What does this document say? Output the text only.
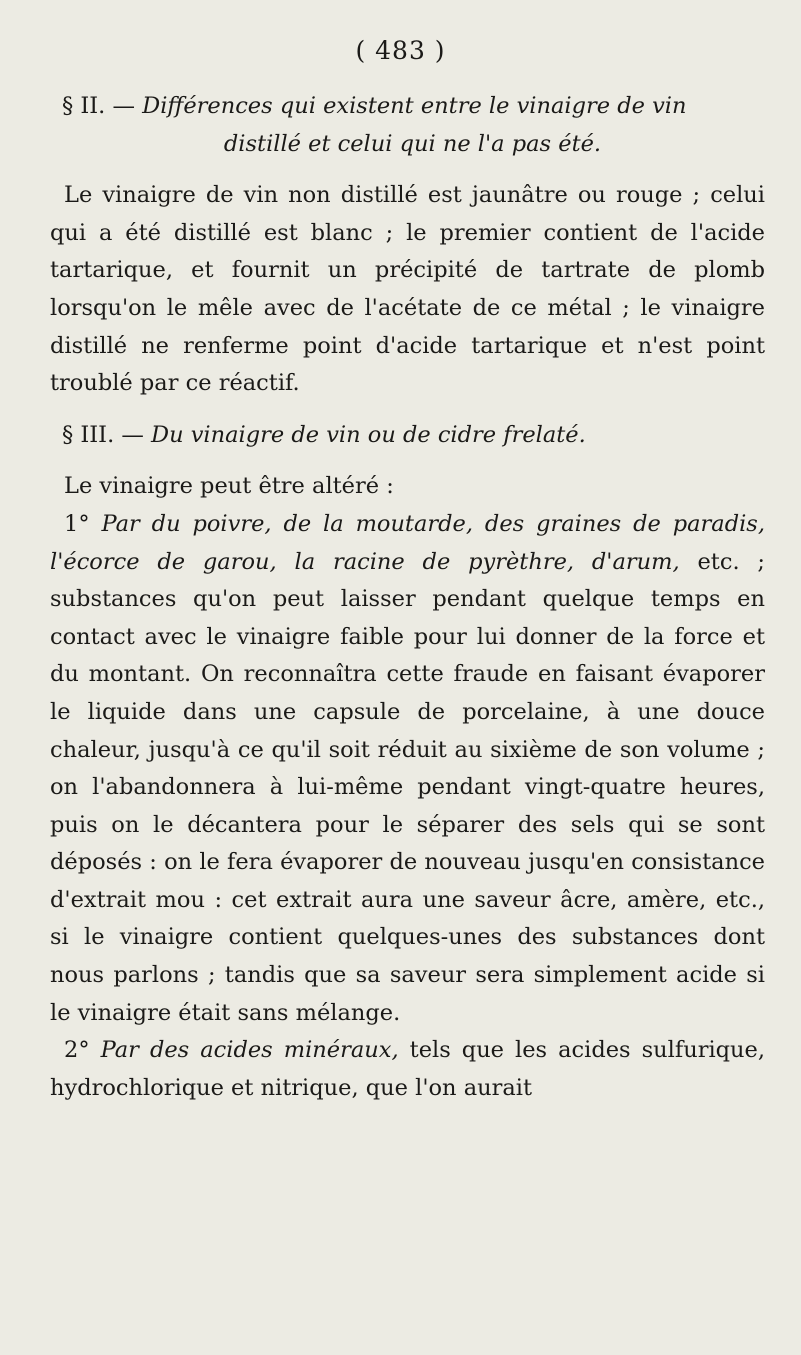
( 483 )

§ II. — Différences qui existent entre le vinaigre de vin

distillé et celui qui ne l'a pas été.

Le vinaigre de vin non distillé est jaunâtre ou rouge ; celui qui a été distillé est blanc ; le premier contient de l'acide tartarique, et fournit un précipité de tartrate de plomb lorsqu'on le mêle avec de l'acétate de ce métal ; le vinaigre distillé ne renferme point d'acide tartarique et n'est point troublé par ce réactif.

§ III. — Du vinaigre de vin ou de cidre frelaté.

Le vinaigre peut être altéré :

1° Par du poivre, de la moutarde, des graines de paradis, l'écorce de garou, la racine de pyrèthre, d'arum, etc. ; substances qu'on peut laisser pendant quelque temps en contact avec le vinaigre faible pour lui donner de la force et du montant. On reconnaîtra cette fraude en faisant évaporer le liquide dans une capsule de porcelaine, à une douce chaleur, jusqu'à ce qu'il soit réduit au sixième de son volume ; on l'abandonnera à lui-même pendant vingt-quatre heures, puis on le décantera pour le séparer des sels qui se sont déposés : on le fera évaporer de nouveau jusqu'en consistance d'extrait mou : cet extrait aura une saveur âcre, amère, etc., si le vinaigre contient quelques-unes des substances dont nous parlons ; tandis que sa saveur sera simplement acide si le vinaigre était sans mélange.

2° Par des acides minéraux, tels que les acides sulfurique, hydrochlorique et nitrique, que l'on aurait
